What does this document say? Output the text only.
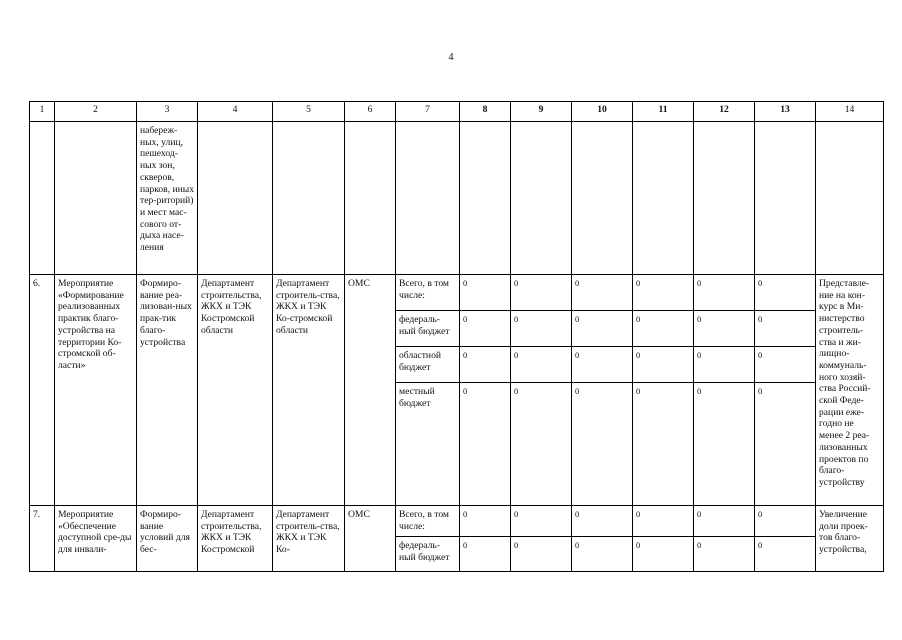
4
1	2	3	4	5	6	7	8	9	10	11	12	13	14
		набереж-ных, улиц, пешеход-ных зон, скверов, парков, иных тер-риторий) и мест мас-сового от-дыха насе-ления											
6.	Мероприятие «Формирование реализованных практик благо-устройства на территории Ко-стромской об-ласти»	Формиро-вание реа-лизован-ных прак-тик благо-устройства	Департамент строительства, ЖКХ и ТЭК Костромской области	Департамент строитель-ства, ЖКХ и ТЭК Ко-стромской области	ОМС	Всего, в том числе:	0	0	0	0	0	0	Представле-ние на кон-курс в Ми-нистерство строитель-ства и жи-лищно-коммуналь-ного хозяй-ства Россий-ской Феде-рации еже-годно не менее 2 реа-лизованных проектов по благо-устройству
						федераль-ный бюджет	0	0	0	0	0	0	
						областной бюджет	0	0	0	0	0	0	
						местный бюджет	0	0	0	0	0	0	
7.	Мероприятие «Обеспечение доступной сре-ды для инвали-	Формиро-вание условий для бес-	Департамент строительства, ЖКХ и ТЭК Костромской	Департамент строитель-ства, ЖКХ и ТЭК Ко-	ОМС	Всего, в том числе:	0	0	0	0	0	0	Увеличение доли проек-тов благо-устройства,
						федераль-ный бюджет	0	0	0	0	0	0	
